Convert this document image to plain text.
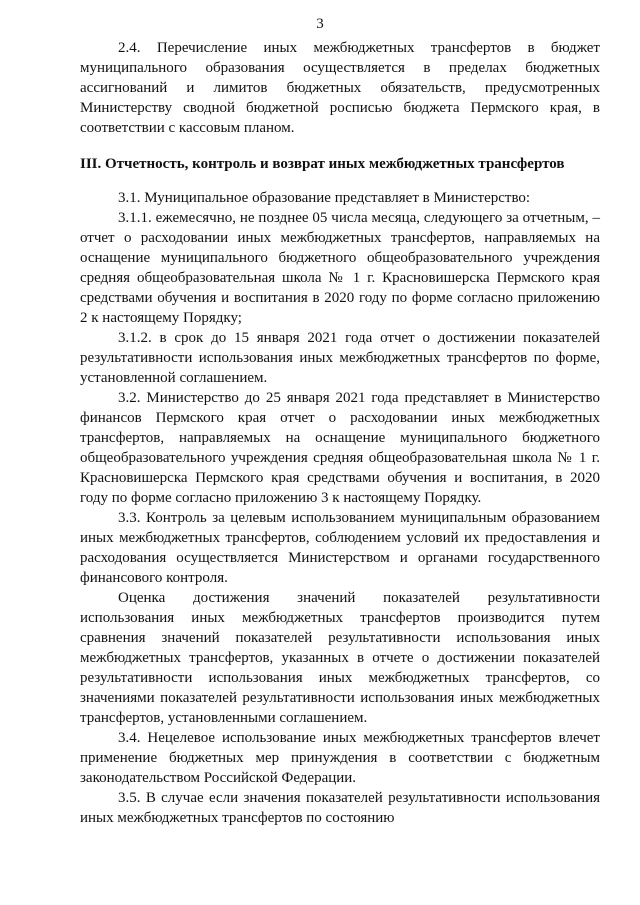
3

2.4. Перечисление иных межбюджетных трансфертов в бюджет муниципального образования осуществляется в пределах бюджетных ассигнований и лимитов бюджетных обязательств, предусмотренных Министерству сводной бюджетной росписью бюджета Пермского края, в соответствии с кассовым планом.

III. Отчетность, контроль и возврат иных межбюджетных трансфертов

3.1. Муниципальное образование представляет в Министерство:

3.1.1. ежемесячно, не позднее 05 числа месяца, следующего за отчетным, – отчет о расходовании иных межбюджетных трансфертов, направляемых на оснащение муниципального бюджетного общеобразовательного учреждения средняя общеобразовательная школа № 1 г. Красновишерска Пермского края средствами обучения и воспитания в 2020 году по форме согласно приложению 2 к настоящему Порядку;

3.1.2. в срок до 15 января 2021 года отчет о достижении показателей результативности использования иных межбюджетных трансфертов по форме, установленной соглашением.

3.2. Министерство до 25 января 2021 года представляет в Министерство финансов Пермского края отчет о расходовании иных межбюджетных трансфертов, направляемых на оснащение муниципального бюджетного общеобразовательного учреждения средняя общеобразовательная школа № 1 г. Красновишерска Пермского края средствами обучения и воспитания, в 2020 году по форме согласно приложению 3 к настоящему Порядку.

3.3. Контроль за целевым использованием муниципальным образованием иных межбюджетных трансфертов, соблюдением условий их предоставления и расходования осуществляется Министерством и органами государственного финансового контроля.

Оценка достижения значений показателей результативности использования иных межбюджетных трансфертов производится путем сравнения значений показателей результативности использования иных межбюджетных трансфертов, указанных в отчете о достижении показателей результативности использования иных межбюджетных трансфертов, со значениями показателей результативности использования иных межбюджетных трансфертов, установленными соглашением.

3.4. Нецелевое использование иных межбюджетных трансфертов влечет применение бюджетных мер принуждения в соответствии с бюджетным законодательством Российской Федерации.

3.5. В случае если значения показателей результативности использования иных межбюджетных трансфертов по состоянию
